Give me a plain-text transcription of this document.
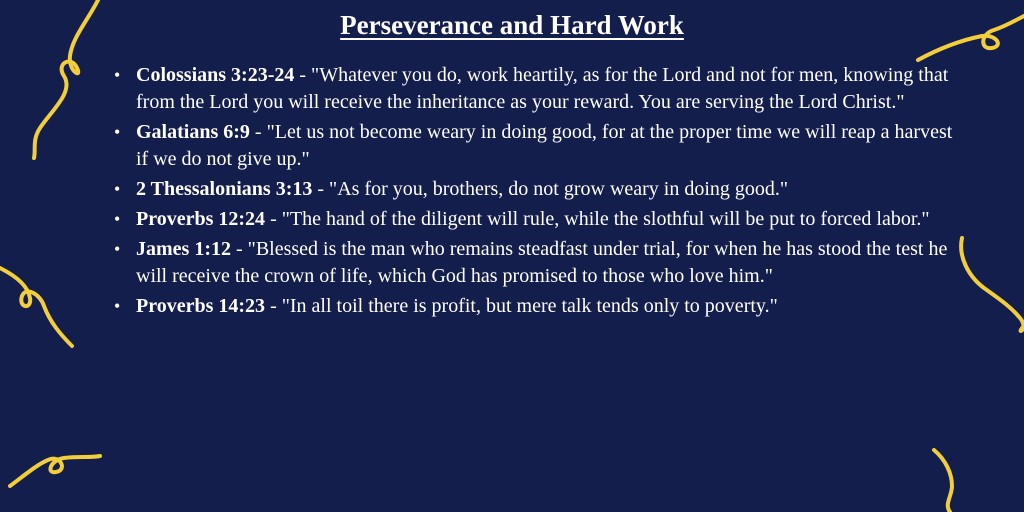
Perseverance and Hard Work
• Colossians 3:23-24 - "Whatever you do, work heartily, as for the Lord and not for men, knowing that from the Lord you will receive the inheritance as your reward. You are serving the Lord Christ."
• Galatians 6:9 - "Let us not become weary in doing good, for at the proper time we will reap a harvest if we do not give up."
• 2 Thessalonians 3:13 - "As for you, brothers, do not grow weary in doing good."
• Proverbs 12:24 - "The hand of the diligent will rule, while the slothful will be put to forced labor."
• James 1:12 - "Blessed is the man who remains steadfast under trial, for when he has stood the test he will receive the crown of life, which God has promised to those who love him."
• Proverbs 14:23 - "In all toil there is profit, but mere talk tends only to poverty."
